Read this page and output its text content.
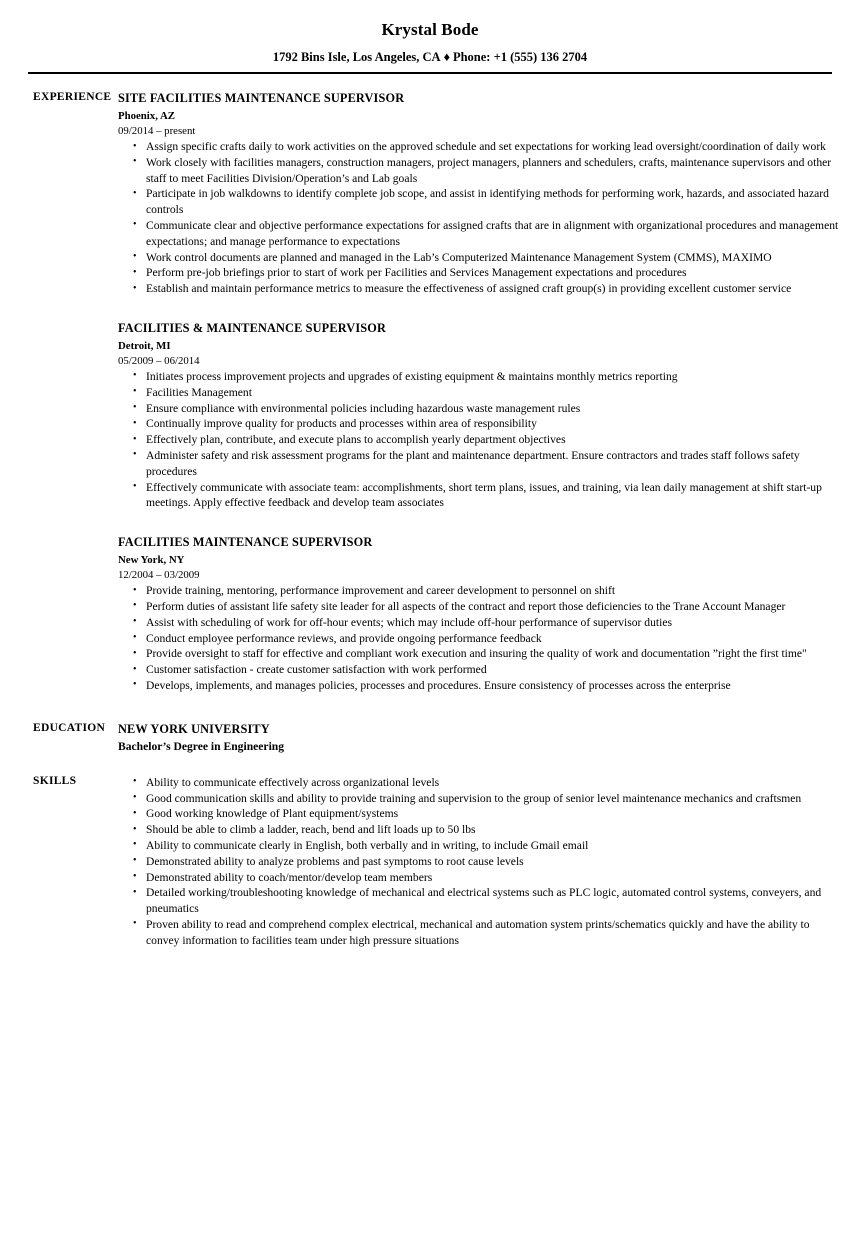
Krystal Bode
1792 Bins Isle, Los Angeles, CA ♦ Phone: +1 (555) 136 2704
EXPERIENCE SITE FACILITIES MAINTENANCE SUPERVISOR
Phoenix, AZ
09/2014 – present
• Assign specific crafts daily to work activities on the approved schedule and set expectations for working lead oversight/coordination of daily work
• Work closely with facilities managers, construction managers, project managers, planners and schedulers, crafts, maintenance supervisors and other staff to meet Facilities Division/Operation’s and Lab goals
• Participate in job walkdowns to identify complete job scope, and assist in identifying methods for performing work, hazards, and associated hazard controls
• Communicate clear and objective performance expectations for assigned crafts that are in alignment with organizational procedures and management expectations; and manage performance to expectations
• Work control documents are planned and managed in the Lab’s Computerized Maintenance Management System (CMMS), MAXIMO
• Perform pre-job briefings prior to start of work per Facilities and Services Management expectations and procedures
• Establish and maintain performance metrics to measure the effectiveness of assigned craft group(s) in providing excellent customer service
FACILITIES & MAINTENANCE SUPERVISOR
Detroit, MI
05/2009 – 06/2014
• Initiates process improvement projects and upgrades of existing equipment & maintains monthly metrics reporting
• Facilities Management
• Ensure compliance with environmental policies including hazardous waste management rules
• Continually improve quality for products and processes within area of responsibility
• Effectively plan, contribute, and execute plans to accomplish yearly department objectives
• Administer safety and risk assessment programs for the plant and maintenance department. Ensure contractors and trades staff follows safety procedures
• Effectively communicate with associate team: accomplishments, short term plans, issues, and training, via lean daily management at shift start-up meetings. Apply effective feedback and develop team associates
FACILITIES MAINTENANCE SUPERVISOR
New York, NY
12/2004 – 03/2009
• Provide training, mentoring, performance improvement and career development to personnel on shift
• Perform duties of assistant life safety site leader for all aspects of the contract and report those deficiencies to the Trane Account Manager
• Assist with scheduling of work for off-hour events; which may include off-hour performance of supervisor duties
• Conduct employee performance reviews, and provide ongoing performance feedback
• Provide oversight to staff for effective and compliant work execution and insuring the quality of work and documentation ”right the first time"
• Customer satisfaction - create customer satisfaction with work performed
• Develops, implements, and manages policies, processes and procedures. Ensure consistency of processes across the enterprise
EDUCATION	NEW YORK UNIVERSITY
Bachelor’s Degree in Engineering
SKILLS	• Ability to communicate effectively across organizational levels
• Good communication skills and ability to provide training and supervision to the group of senior level maintenance mechanics and craftsmen
• Good working knowledge of Plant equipment/systems
• Should be able to climb a ladder, reach, bend and lift loads up to 50 lbs
• Ability to communicate clearly in English, both verbally and in writing, to include Gmail email
• Demonstrated ability to analyze problems and past symptoms to root cause levels
• Demonstrated ability to coach/mentor/develop team members
• Detailed working/troubleshooting knowledge of mechanical and electrical systems such as PLC logic, automated control systems, conveyers, and pneumatics
• Proven ability to read and comprehend complex electrical, mechanical and automation system prints/schematics quickly and have the ability to convey information to facilities team under high pressure situations
